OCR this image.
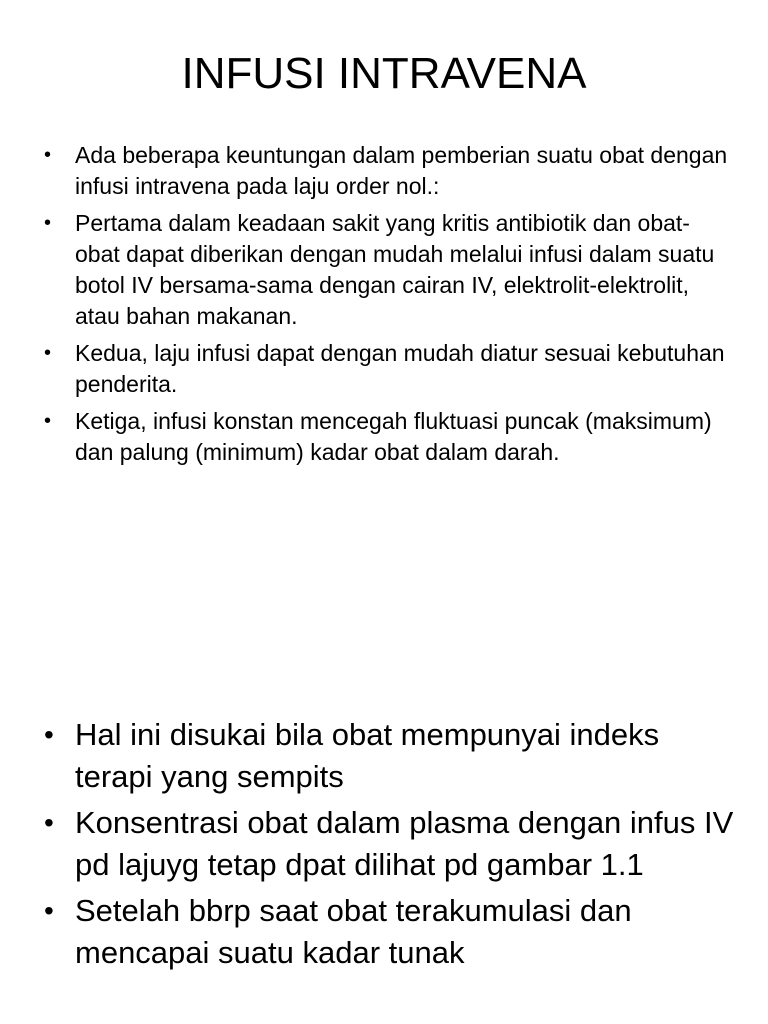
INFUSI INTRAVENA
• Ada beberapa keuntungan dalam pemberian suatu obat dengan infusi intravena pada laju order nol.:
• Pertama dalam keadaan sakit yang kritis antibiotik dan obat-obat dapat diberikan dengan mudah melalui infusi dalam suatu botol IV bersama-sama dengan cairan IV, elektrolit-elektrolit, atau bahan makanan.
• Kedua, laju infusi dapat dengan mudah diatur sesuai kebutuhan penderita.
• Ketiga, infusi konstan mencegah fluktuasi puncak (maksimum) dan palung (minimum) kadar obat dalam darah.
• Hal ini disukai bila obat mempunyai indeks terapi yang sempits
• Konsentrasi obat dalam plasma dengan infus IV pd lajuyg tetap dpat dilihat pd gambar 1.1
• Setelah bbrp saat obat terakumulasi dan mencapai suatu kadar tunak
